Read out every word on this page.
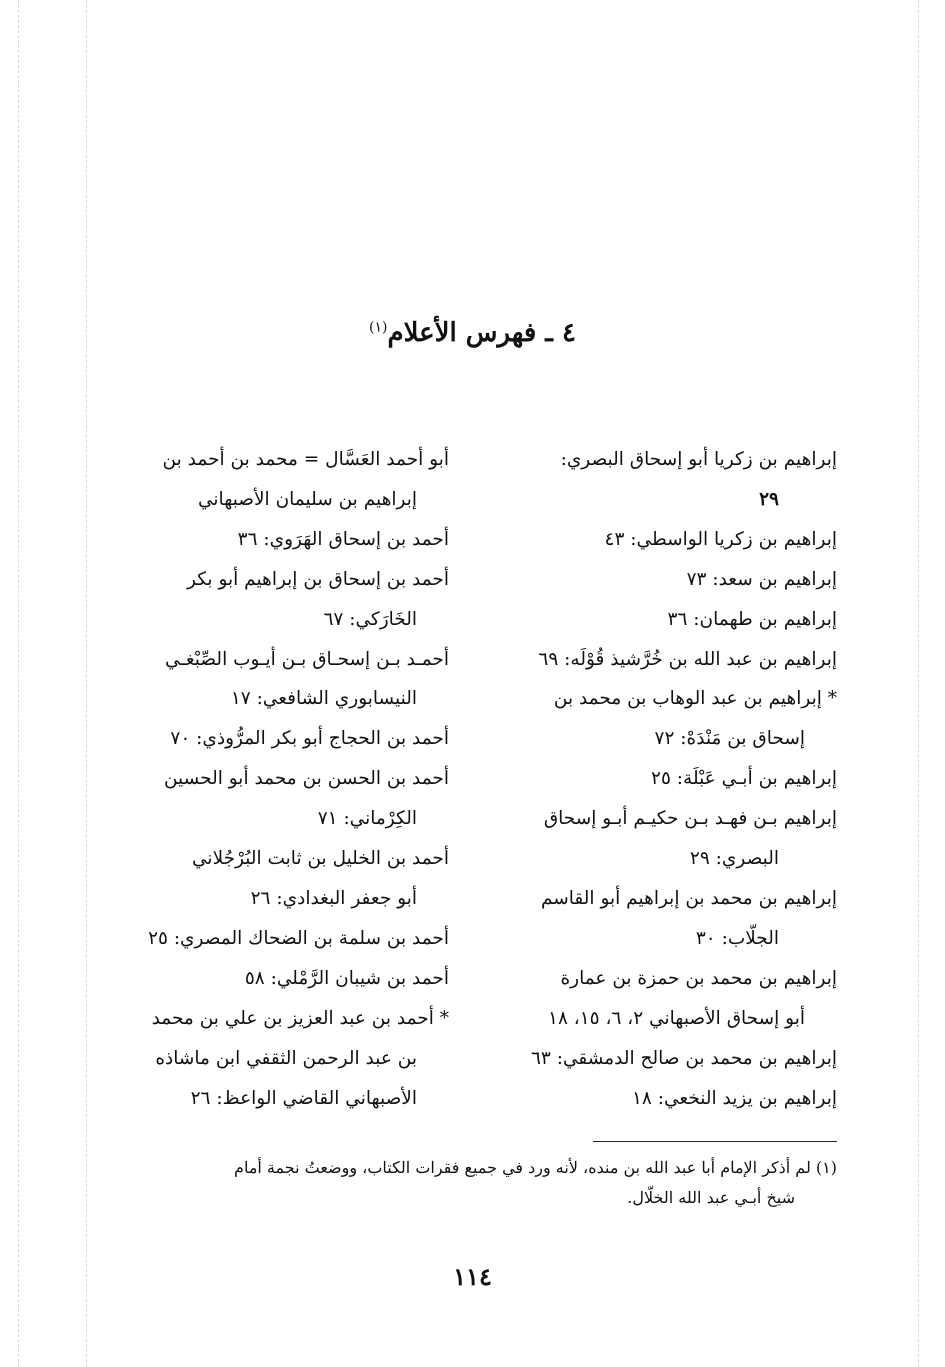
٤ ـ فهرس الأعلام$^{(١)}$
إبراهيم بن زكريا أبو إسحاق البصري:
٢٩
إبراهيم بن زكريا الواسطي: ٤٣
إبراهيم بن سعد: ٧٣
إبراهيم بن طهمان: ٣٦
إبراهيم بن عبد الله بن خُرَّشيذ قُوْلَه: ٦٩
* إبراهيم بن عبد الوهاب بن محمد بن
إسحاق بن مَنْدَهْ: ٧٢
إبراهيم بن أبـي عَبْلَة: ٢٥
إبراهيم بـن فهـد بـن حكيـم أبـو إسحاق
البصري: ٢٩
إبراهيم بن محمد بن إبراهيم أبو القاسم
الجلّاب: ٣٠
إبراهيم بن محمد بن حمزة بن عمارة
أبو إسحاق الأصبهاني ٢، ٦، ١٥، ١٨
إبراهيم بن محمد بن صالح الدمشقي: ٦٣
إبراهيم بن يزيد النخعي: ١٨
أبو أحمد العَسَّال = محمد بن أحمد بن
إبراهيم بن سليمان الأصبهاني
أحمد بن إسحاق الهَرَوي: ٣٦
أحمد بن إسحاق بن إبراهيم أبو بكر
الخَارَكي: ٦٧
أحمـد بـن إسحـاق بـن أيـوب الصِّبْغـي
النيسابوري الشافعي: ١٧
أحمد بن الحجاج أبو بكر المرُّوذي: ٧٠
أحمد بن الحسن بن محمد أبو الحسين
الكِرْماني: ٧١
أحمد بن الخليل بن ثابت البُرْجُلاني
أبو جعفر البغدادي: ٢٦
أحمد بن سلمة بن الضحاك المصري: ٢٥
أحمد بن شيبان الرَّمْلي: ٥٨
* أحمد بن عبد العزيز بن علي بن محمد
بن عبد الرحمن الثقفي ابن ماشاذه
الأصبهاني القاضي الواعظ: ٢٦
(١) لم أذكر الإمام أبا عبد الله بن منده، لأنه ورد في جميع فقرات الكتاب، ووضعتُ نجمة أمام
شيخ أبـي عبد الله الخلّال.
١١٤
